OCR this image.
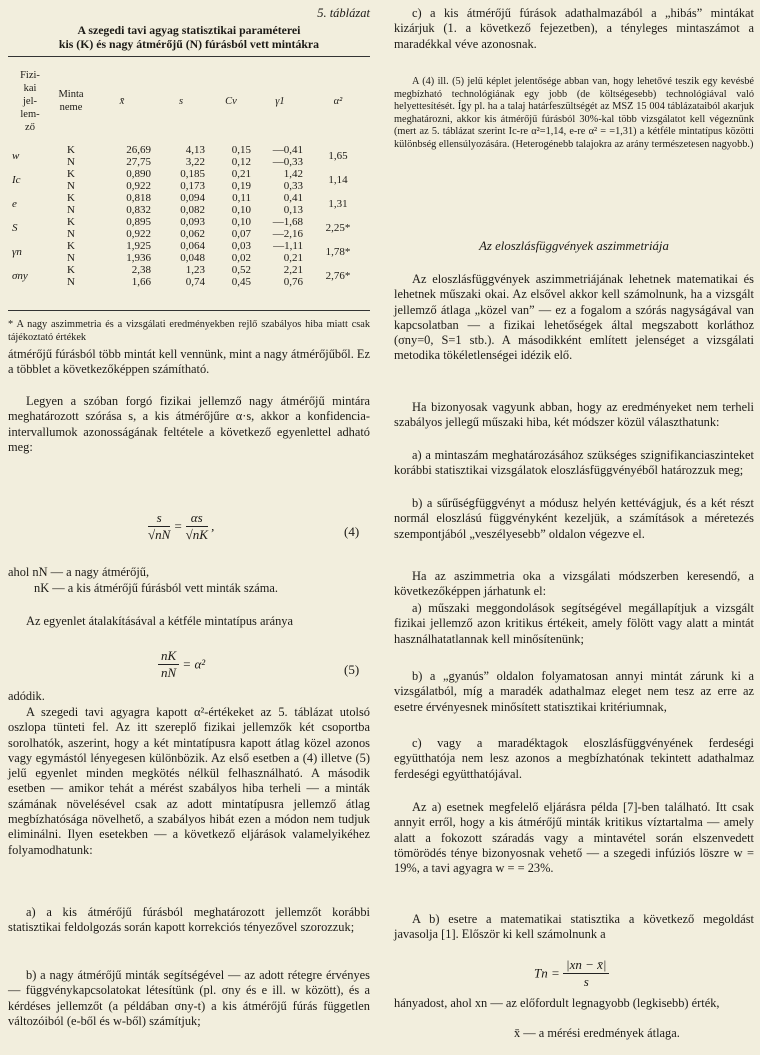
5. táblázat
A szegedi tavi agyag statisztikai paraméterei
kis (K) és nagy átmérőjű (N) fúrásból vett mintákra
Fizi-
kai
jel-
lem-
ző	Minta
neme	x̄	s	Cv	γ1	α²
w	K	26,69	4,13	0,15	—0,41	1,65
	N	27,75	3,22	0,12	—0,33	
Ic	K	0,890	0,185	0,21	1,42	1,14
	N	0,922	0,173	0,19	0,33	
e	K	0,818	0,094	0,11	0,41	1,31
	N	0,832	0,082	0,10	0,13	
S	K	0,895	0,093	0,10	—1,68	2,25*
	N	0,922	0,062	0,07	—2,16	
γn	K	1,925	0,064	0,03	—1,11	1,78*
	N	1,936	0,048	0,02	0,21	
σny	K	2,38	1,23	0,52	2,21	2,76*
	N	1,66	0,74	0,45	0,76	
* A nagy aszimmetria és a vizsgálati eredményekben rejlő szabályos hiba miatt csak tájékoztató értékek

átmérőjű fúrásból több mintát kell vennünk, mint a nagy átmérőjűből. Ez a többlet a következőképpen számítható.

Legyen a szóban forgó fizikai jellemző nagy átmérőjű mintára meghatározott szórása s, a kis átmérőjűre α·s, akkor a konfidencia-intervallumok azonosságának feltétele a következő egyenlettel adható meg:

$\frac{s}{√nN} = \frac{\alpha s}{√nK}$ ,	(4)

ahol nN — a nagy átmérőjű,

nK — a kis átmérőjű fúrásból vett minták száma.

Az egyenlet átalakításával a kétféle mintatípus aránya

$\frac{nK}{nN} = \alpha^2$	(5)

adódik.

A szegedi tavi agyagra kapott α²-értékeket az 5. táblázat utolsó oszlopa tünteti fel. Az itt szereplő fizikai jellemzők két csoportba sorolhatók, aszerint, hogy a két mintatípusra kapott átlag közel azonos vagy egymástól lényegesen különbözik. Az első esetben a (4) illetve (5) jelű egyenlet minden megkötés nélkül felhasználható. A második esetben — amikor tehát a mérést szabályos hiba terheli — a minták számának növelésével csak az adott mintatípusra jellemző átlag megbízhatósága növelhető, a szabályos hibát ezen a módon nem tudjuk eliminálni. Ilyen esetekben — a következő eljárások valamelyikéhez folyamodhatunk:

a) a kis átmérőjű fúrásból meghatározott jellemzőt korábbi statisztikai feldolgozás során kapott korrekciós tényezővel szorozzuk;

b) a nagy átmérőjű minták segítségével — az adott rétegre érvényes — függvénykapcsolatokat létesítünk (pl. σny és e ill. w között), és a kérdéses jellemzőt (a példában σny-t) a kis átmérőjű fúrás független változóiból (e-ből és w-ből) számítjuk;

c) a kis átmérőjű fúrások adathalmazából a „hibás” mintákat kizárjuk (1. a következő fejezetben), a tényleges mintaszámot a maradékkal véve azonosnak.

A (4) ill. (5) jelű képlet jelentősége abban van, hogy lehetővé teszik egy kevésbé megbízható technológiának egy jobb (de költségesebb) technológiával való helyettesítését. Így pl. ha a talaj határfeszültségét az MSZ 15 004 táblázataiból akarjuk meghatározni, akkor kis átmérőjű fúrásból 30%-kal több vizsgálatot kell végeznünk (mert az 5. táblázat szerint Ic-re α²=1,14, e-re α² = =1,31) a kétféle mintatípus közötti különbség ellensúlyozására. (Heterogénebb talajokra az arány természetesen nagyobb.)

Az eloszlásfüggvények aszimmetriája

Az eloszlásfüggvények aszimmetriájának lehetnek matematikai és lehetnek műszaki okai. Az elsővel akkor kell számolnunk, ha a vizsgált jellemző átlaga „közel van” — ez a fogalom a szórás nagyságával van kapcsolatban — a fizikai lehetőségek által megszabott korláthoz (σny=0, S=1 stb.). A másodikként említett jelenséget a vizsgálati metodika tökéletlenségei idézik elő.

Ha bizonyosak vagyunk abban, hogy az eredményeket nem terheli szabályos jellegű műszaki hiba, két módszer közül választhatunk:

a) a mintaszám meghatározásához szükséges szignifikanciaszinteket korábbi statisztikai vizsgálatok eloszlásfüggvényéből határozzuk meg;

b) a sűrűségfüggvényt a módusz helyén kettévágjuk, és a két részt normál eloszlású függvényként kezeljük, a számítások a méretezés szempontjából „veszélyesebb” oldalon végezve el.

Ha az aszimmetria oka a vizsgálati módszerben keresendő, a következőképpen járhatunk el:

a) műszaki meggondolások segítségével megállapítjuk a vizsgált fizikai jellemző azon kritikus értékeit, amely fölött vagy alatt a mintát használhatatlannak kell minősítenünk;

b) a „gyanús” oldalon folyamatosan annyi mintát zárunk ki a vizsgálatból, míg a maradék adathalmaz eleget nem tesz az erre az esetre érvényesnek minősített statisztikai kritériumnak,

c) vagy a maradéktagok eloszlásfüggvényének ferdeségi együtthatója nem lesz azonos a megbízhatónak tekintett adathalmaz ferdeségi együtthatójával.

Az a) esetnek megfelelő eljárásra példa [7]-ben található. Itt csak annyit erről, hogy a kis átmérőjű minták kritikus víztartalma — amely alatt a fokozott száradás vagy a mintavétel során elszenvedett tömörödés ténye bizonyosnak vehető — a szegedi infúziós löszre w = 19%, a tavi agyagra w = = 23%.

A b) esetre a matematikai statisztika a következő megoldást javasolja [1]. Először ki kell számolnunk a

$Tn = \frac{|xn - x̄|}{s}$

hányadost, ahol xn — az előfordult legnagyobb (legkisebb) érték,

x̄ — a mérési eredmények átlaga.
